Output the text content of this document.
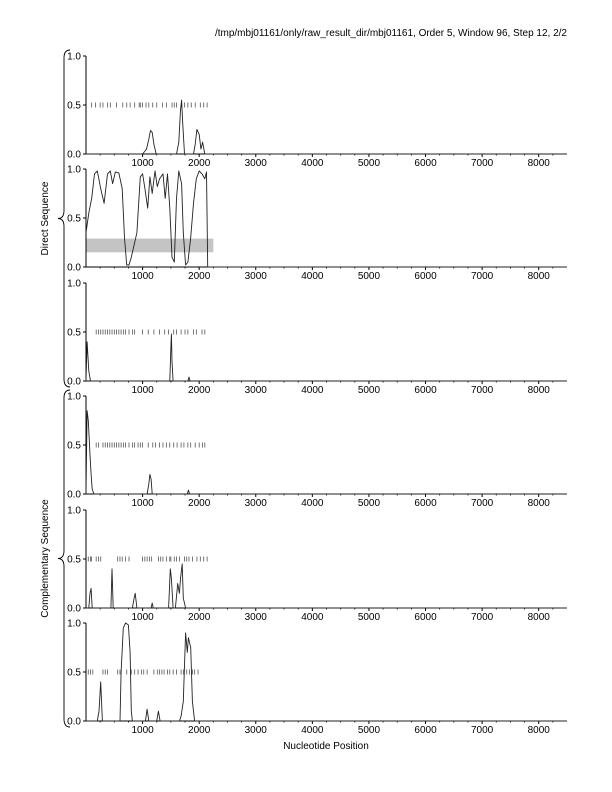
/tmp/mbj01161/only/raw_result_dir/mbj01161, Order 5, Window 96, Step 12, 2/2
0.0
0.5
1.0
1000	2000	3000	4000	5000	6000	7000	8000
0.0
0.5
1.0
1000	2000	3000	4000	5000	6000	7000	8000
0.0
0.5
1.0
1000	2000	3000	4000	5000	6000	7000	8000
0.0
0.5
1.0
1000	2000	3000	4000	5000	6000	7000	8000
0.0
0.5
1.0
1000	2000	3000	4000	5000	6000	7000	8000
0.0
0.5
1.0
1000	2000	3000	4000	5000	6000	7000	8000
Direct Sequence
Complementary Sequence
Nucleotide Position
